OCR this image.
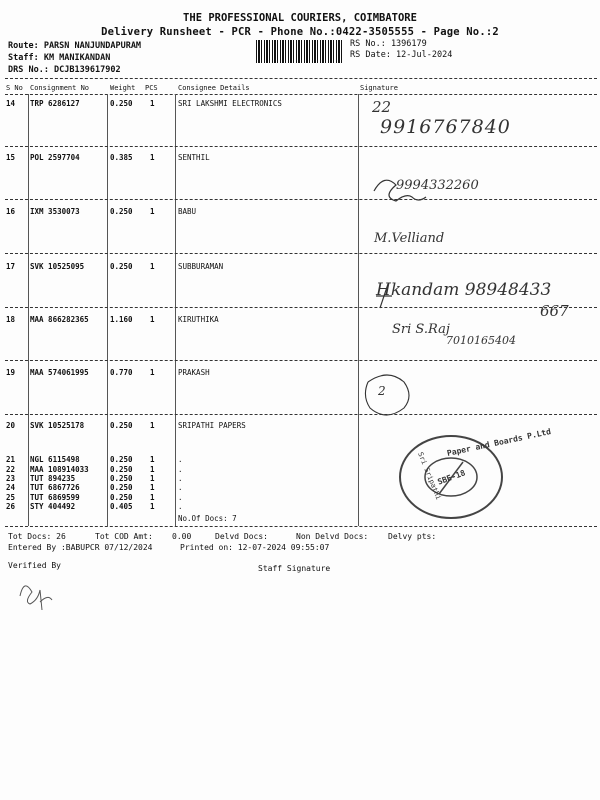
THE PROFESSIONAL COURIERS, COIMBATORE
Delivery Runsheet - PCR - Phone No.:0422-3505555 - Page No.:2
Route: PARSN NANJUNDAPURAM
Staff: KM MANIKANDAN
DRS No.: DCJB139617902
RS No.: 1396179
RS Date: 12-Jul-2024
S No Consignment No	Weight PCS	Consignee Details	Signature
14 TRP 6286127	0.250 1	SRI LAKSHMI ELECTRONICS
15 POL 2597704	0.385 1	SENTHIL
16 IXM 3530073	0.250 1	BABU
17 SVK 10525095	0.250 1	SUBBURAMAN
18 MAA 866282365	1.160 1	KIRUTHIKA
19 MAA 574061995	0.770 1	PRAKASH
20 SVK 10525178	0.250 1	SRIPATHI PAPERS
21 NGL 6115498	0.250 1	.
22 MAA 108914033	0.250 1	.
23 TUT 894235	0.250 1	.
24 TUT 6867726	0.250 1	.
25 TUT 6869599	0.250 1	.
26 STY 404492	0.405 1	.
No.Of Docs: 7
22
9916767840
9994332260
M.Velliand
Hkandam 98948433
667
Sri S.Raj
7010165404
2
Paper and Boards P.Ltd
Sri Sripathi
SBE-18
Tot Docs: 26	Tot COD Amt: 0.00	Delvd Docs:	Non Delvd Docs: Delvy pts:
Entered By :BABUPCR 07/12/2024	Printed on: 12-07-2024 09:55:07
Verified By	Staff Signature
